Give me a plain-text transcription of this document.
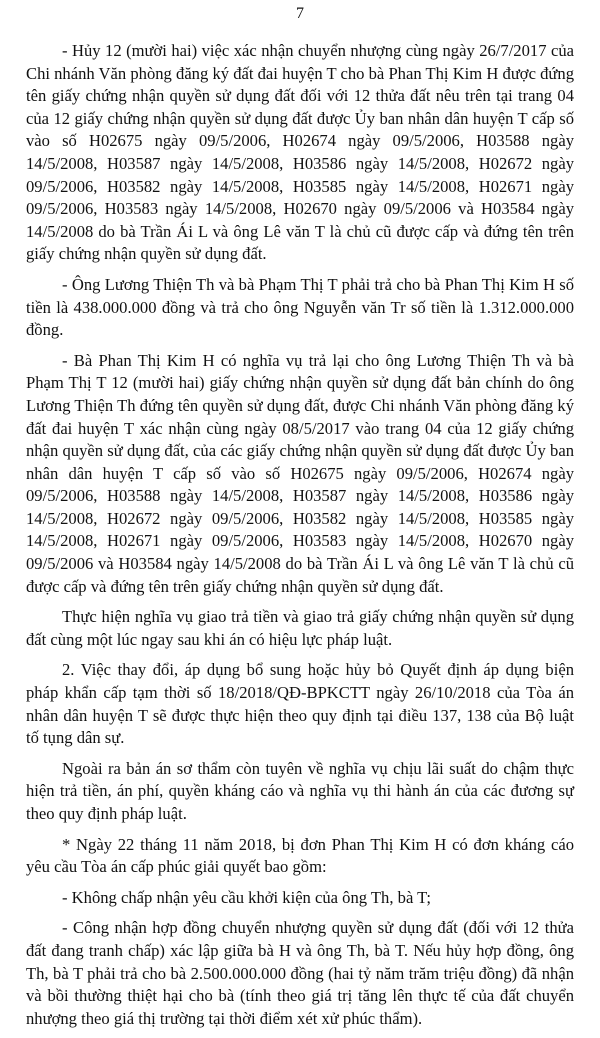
7

- Hủy 12 (mười hai) việc xác nhận chuyển nhượng cùng ngày 26/7/2017 của Chi nhánh Văn phòng đăng ký đất đai huyện T cho bà Phan Thị Kim H được đứng tên giấy chứng nhận quyền sử dụng đất đối với 12 thửa đất nêu trên tại trang 04 của 12 giấy chứng nhận quyền sử dụng đất được Ủy ban nhân dân huyện T cấp số vào số H02675 ngày 09/5/2006, H02674 ngày 09/5/2006, H03588 ngày 14/5/2008, H03587 ngày 14/5/2008, H03586 ngày 14/5/2008, H02672 ngày 09/5/2006, H03582 ngày 14/5/2008, H03585 ngày 14/5/2008, H02671 ngày 09/5/2006, H03583 ngày 14/5/2008, H02670 ngày 09/5/2006 và H03584 ngày 14/5/2008 do bà Trần Ái L và ông Lê văn T là chủ cũ được cấp và đứng tên trên giấy chứng nhận quyền sử dụng đất.

- Ông Lương Thiện Th và bà Phạm Thị T phải trả cho bà Phan Thị Kim H số tiền là 438.000.000 đồng và trả cho ông Nguyễn văn Tr số tiền là 1.312.000.000 đồng.

- Bà Phan Thị Kim H có nghĩa vụ trả lại cho ông Lương Thiện Th và bà Phạm Thị T 12 (mười hai) giấy chứng nhận quyền sử dụng đất bản chính do ông Lương Thiện Th đứng tên quyền sử dụng đất, được Chi nhánh Văn phòng đăng ký đất đai huyện T xác nhận cùng ngày 08/5/2017 vào trang 04 của 12 giấy chứng nhận quyền sử dụng đất, của các giấy chứng nhận quyền sử dụng đất được Ủy ban nhân dân huyện T cấp số vào số H02675 ngày 09/5/2006, H02674 ngày 09/5/2006, H03588 ngày 14/5/2008, H03587 ngày 14/5/2008, H03586 ngày 14/5/2008, H02672 ngày 09/5/2006, H03582 ngày 14/5/2008, H03585 ngày 14/5/2008, H02671 ngày 09/5/2006, H03583 ngày 14/5/2008, H02670 ngày 09/5/2006 và H03584 ngày 14/5/2008 do bà Trần Ái L và ông Lê văn T là chủ cũ được cấp và đứng tên trên giấy chứng nhận quyền sử dụng đất.

Thực hiện nghĩa vụ giao trả tiền và giao trả giấy chứng nhận quyền sử dụng đất cùng một lúc ngay sau khi án có hiệu lực pháp luật.

2. Việc thay đổi, áp dụng bổ sung hoặc hủy bỏ Quyết định áp dụng biện pháp khẩn cấp tạm thời số 18/2018/QĐ-BPKCTT ngày 26/10/2018 của Tòa án nhân dân huyện T sẽ được thực hiện theo quy định tại điều 137, 138 của Bộ luật tố tụng dân sự.

Ngoài ra bản án sơ thẩm còn tuyên về nghĩa vụ chịu lãi suất do chậm thực hiện trả tiền, án phí, quyền kháng cáo và nghĩa vụ thi hành án của các đương sự theo quy định pháp luật.

* Ngày 22 tháng 11 năm 2018, bị đơn Phan Thị Kim H có đơn kháng cáo yêu cầu Tòa án cấp phúc giải quyết bao gồm:

- Không chấp nhận yêu cầu khởi kiện của ông Th, bà T;

- Công nhận hợp đồng chuyển nhượng quyền sử dụng đất (đối với 12 thửa đất đang tranh chấp) xác lập giữa bà H và ông Th, bà T. Nếu hủy hợp đồng, ông Th, bà T phải trả cho bà 2.500.000.000 đồng (hai tỷ năm trăm triệu đồng) đã nhận và bồi thường thiệt hại cho bà (tính theo giá trị tăng lên thực tế của đất chuyển nhượng theo giá thị trường tại thời điểm xét xử phúc thẩm).
